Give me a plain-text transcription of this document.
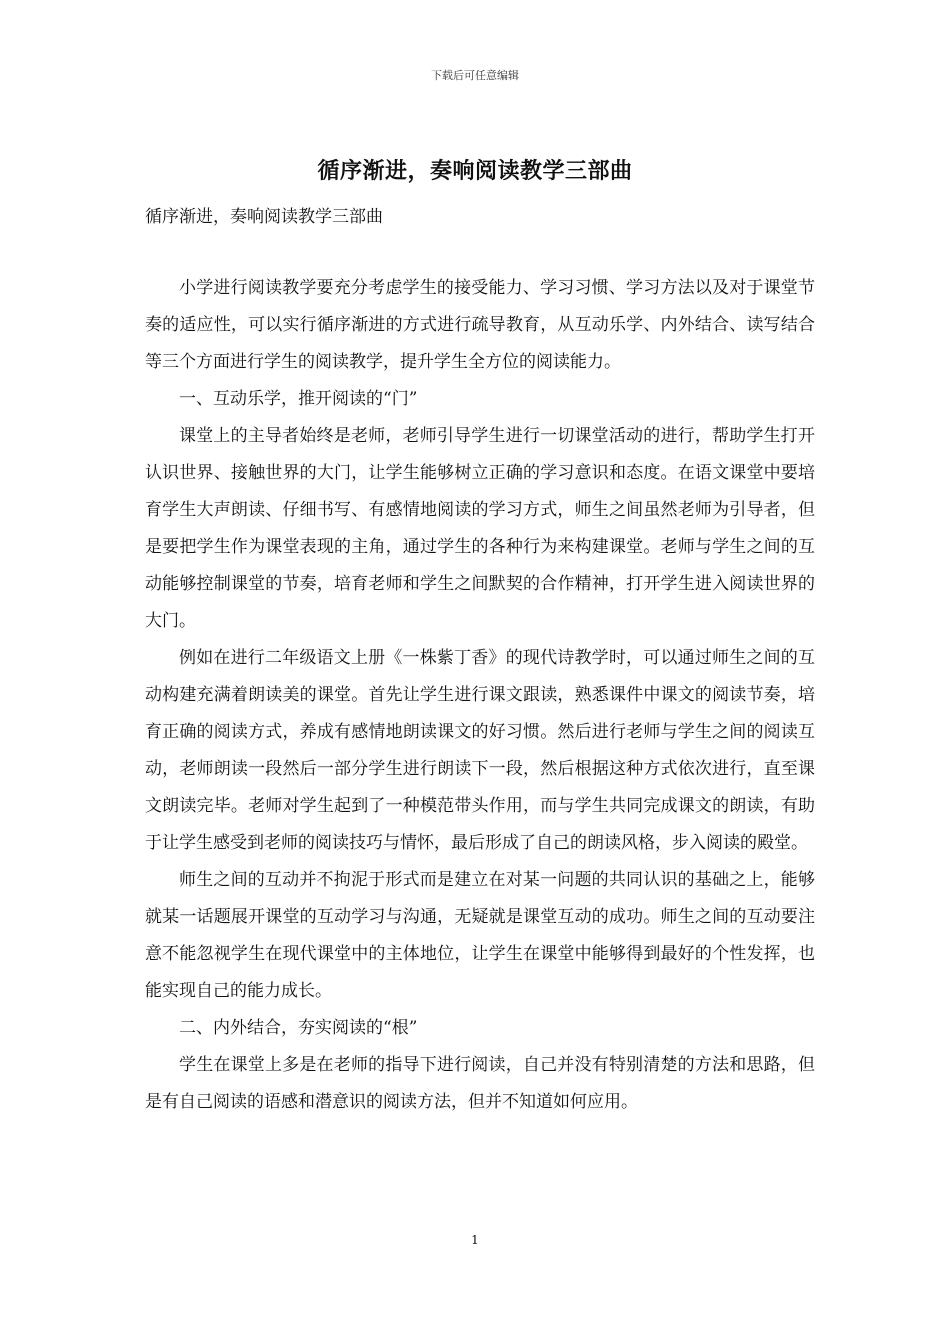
下载后可任意编辑
循序渐进，奏响阅读教学三部曲

循序渐进，奏响阅读教学三部曲

小学进行阅读教学要充分考虑学生的接受能力、学习习惯、学习方法以及对于课堂节奏的适应性，可以实行循序渐进的方式进行疏导教育，从互动乐学、内外结合、读写结合等三个方面进行学生的阅读教学，提升学生全方位的阅读能力。

一、互动乐学，推开阅读的“门”

课堂上的主导者始终是老师，老师引导学生进行一切课堂活动的进行，帮助学生打开认识世界、接触世界的大门，让学生能够树立正确的学习意识和态度。在语文课堂中要培育学生大声朗读、仔细书写、有感情地阅读的学习方式，师生之间虽然老师为引导者，但是要把学生作为课堂表现的主角，通过学生的各种行为来构建课堂。老师与学生之间的互动能够控制课堂的节奏，培育老师和学生之间默契的合作精神，打开学生进入阅读世界的大门。

例如在进行二年级语文上册《一株紫丁香》的现代诗教学时，可以通过师生之间的互动构建充满着朗读美的课堂。首先让学生进行课文跟读，熟悉课件中课文的阅读节奏，培育正确的阅读方式，养成有感情地朗读课文的好习惯。然后进行老师与学生之间的阅读互动，老师朗读一段然后一部分学生进行朗读下一段，然后根据这种方式依次进行，直至课文朗读完毕。老师对学生起到了一种模范带头作用，而与学生共同完成课文的朗读，有助于让学生感受到老师的阅读技巧与情怀，最后形成了自己的朗读风格，步入阅读的殿堂。

师生之间的互动并不拘泥于形式而是建立在对某一问题的共同认识的基础之上，能够就某一话题展开课堂的互动学习与沟通，无疑就是课堂互动的成功。师生之间的互动要注意不能忽视学生在现代课堂中的主体地位，让学生在课堂中能够得到最好的个性发挥，也能实现自己的能力成长。

二、内外结合，夯实阅读的“根”

学生在课堂上多是在老师的指导下进行阅读，自己并没有特别清楚的方法和思路，但是有自己阅读的语感和潜意识的阅读方法，但并不知道如何应用。

1
